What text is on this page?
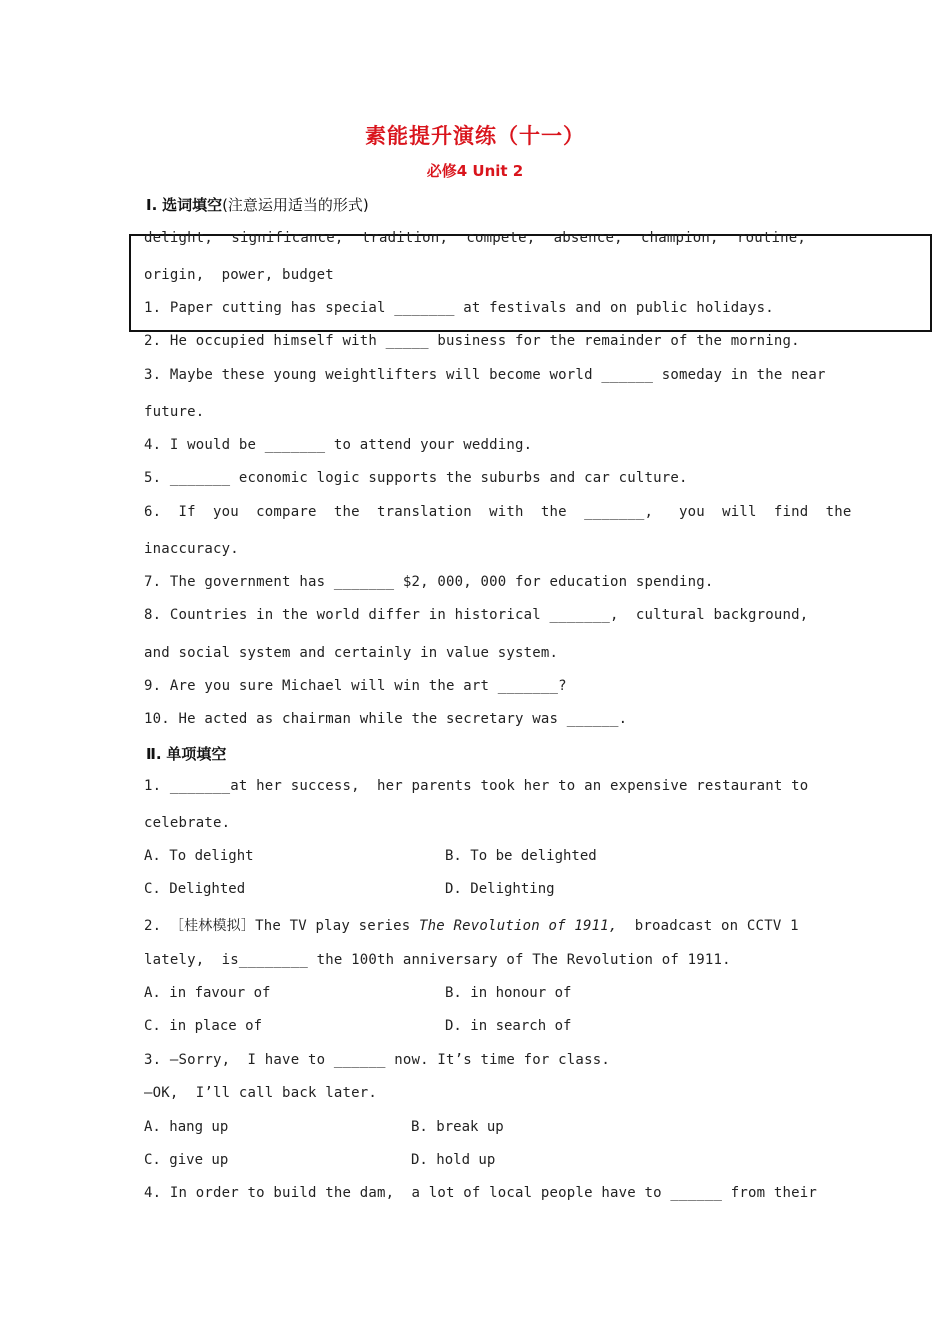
素能提升演练（十一）
必修4 Unit 2
Ⅰ. 选词填空(注意运用适当的形式)
delight, significance, tradition, compete, absence, champion, routine,
origin,  power, budget
1. Paper cutting has special _______ at festivals and on public holidays.
2. He occupied himself with _____ business for the remainder of the morning.
3. Maybe these young weightlifters will become world ______ someday in the near
future.
4. I would be _______ to attend your wedding.
5. _______ economic logic supports the suburbs and car culture.
6.  If  you  compare  the  translation  with  the  _______,   you  will  find  the
inaccuracy.
7. The government has _______ $2, 000, 000 for education spending.
8. Countries in the world differ in historical _______,  cultural background,
and social system and certainly in value system.
9. Are you sure Michael will win the art _______?
10. He acted as chairman while the secretary was ______.
Ⅱ. 单项填空
1. _______at her success,  her parents took her to an expensive restaurant to
celebrate.
A. To delight	B. To be delighted
C. Delighted	D. Delighting
2. ［桂林模拟］The TV play series The Revolution of 1911,  broadcast on CCTV 1
lately,  is________ the 100th anniversary of The Revolution of 1911.
A. in favour of	B. in honour of
C. in place of	D. in search of
3. —Sorry,  I have to ______ now. It’s time for class.
—OK,  I’ll call back later.
A. hang up	B. break up
C. give up	D. hold up
4. In order to build the dam,  a lot of local people have to ______ from their
